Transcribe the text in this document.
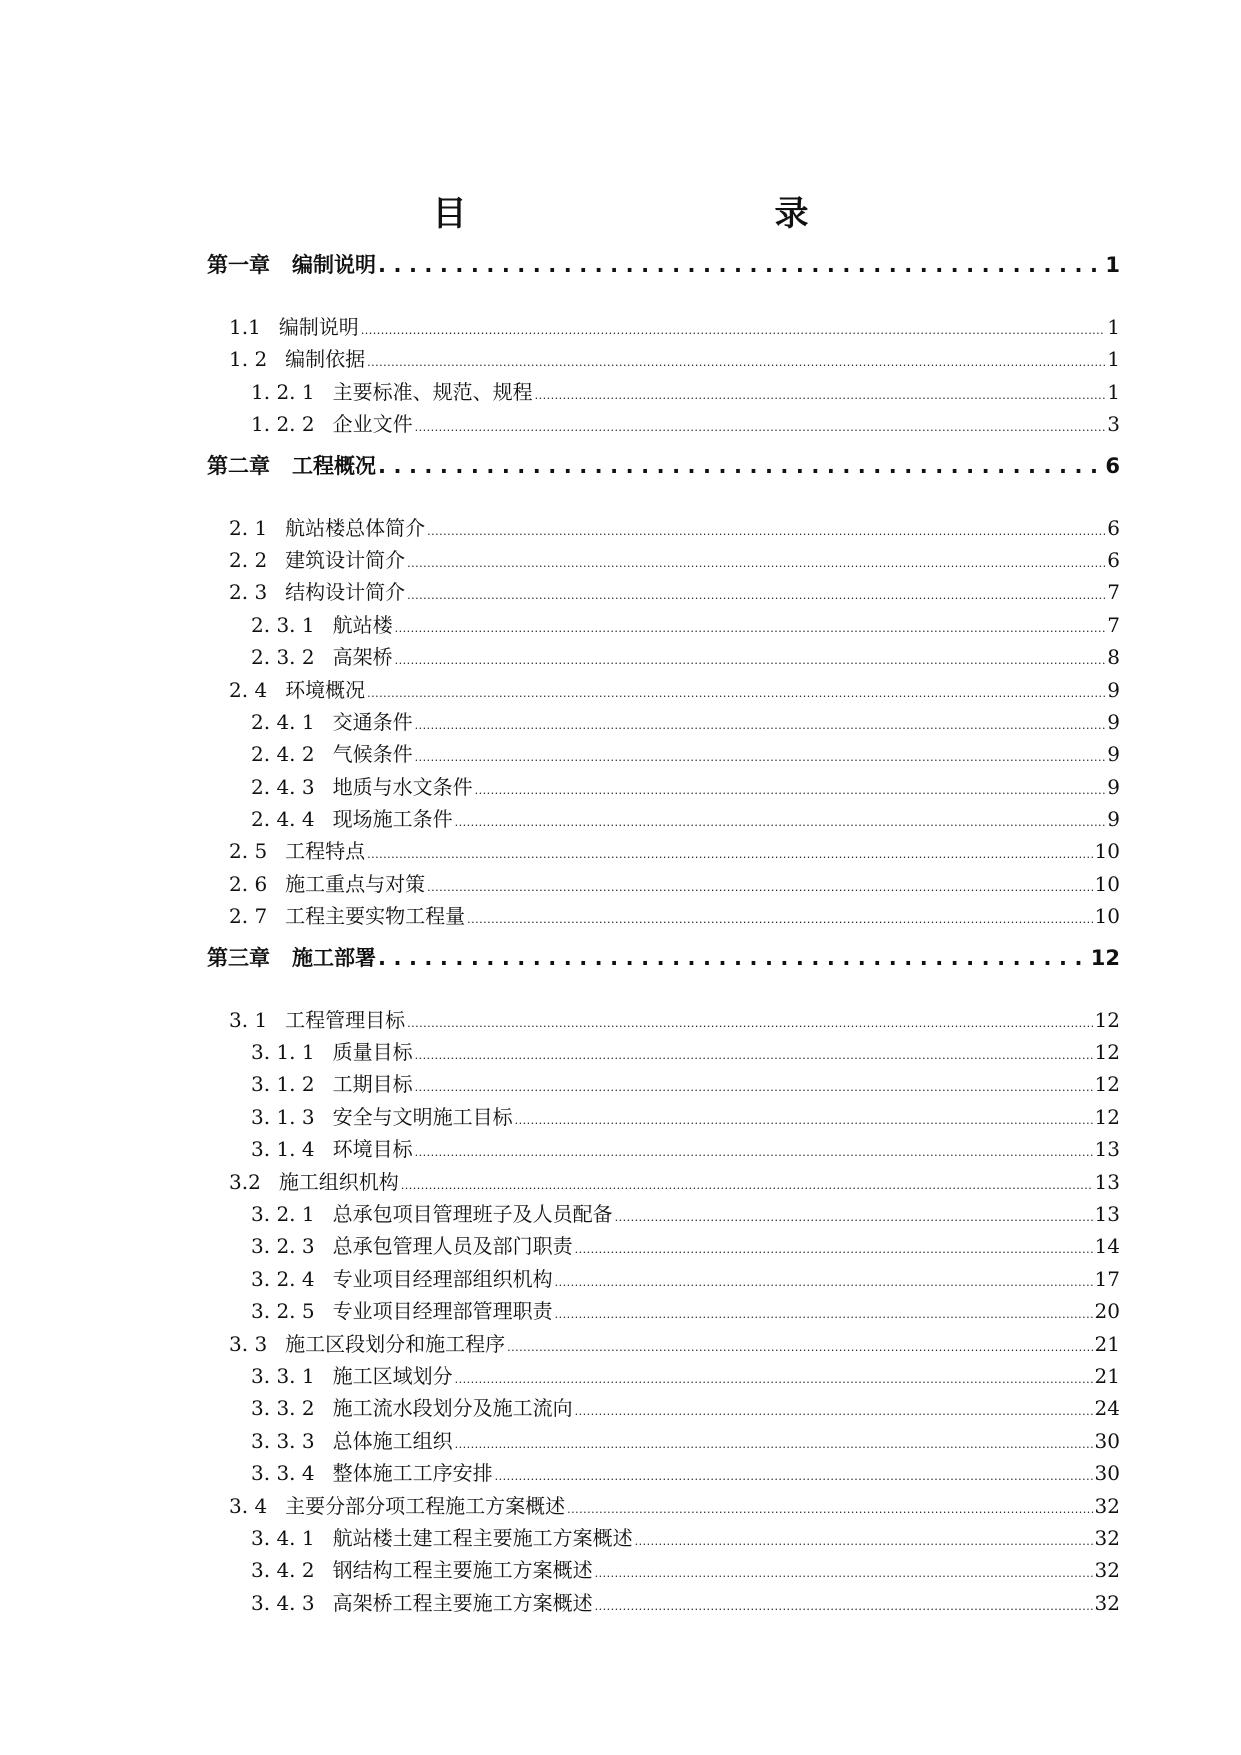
目　　录
第一章 编制说明 .....	1
1.1 编制说明 .....	1
1. 2 编制依据 .....	1
1. 2. 1 主要标准、规范、规程 .....	1
1. 2. 2 企业文件 .....	3
第二章 工程概况 .....	6
2. 1 航站楼总体简介 .....	6
2. 2 建筑设计简介 .....	6
2. 3 结构设计简介 .....	7
2. 3. 1 航站楼 .....	7
2. 3. 2 高架桥 .....	8
2. 4 环境概况 .....	9
2. 4. 1 交通条件 .....	9
2. 4. 2 气候条件 .....	9
2. 4. 3 地质与水文条件 .....	9
2. 4. 4 现场施工条件 .....	9
2. 5 工程特点 .....	10
2. 6 施工重点与对策 .....	10
2. 7 工程主要实物工程量 .....	10
第三章 施工部署 .....	12
3. 1 工程管理目标 .....	12
3. 1. 1 质量目标 .....	12
3. 1. 2 工期目标 .....	12
3. 1. 3 安全与文明施工目标 .....	12
3. 1. 4 环境目标 .....	13
3.2 施工组织机构 .....	13
3. 2. 1 总承包项目管理班子及人员配备 .....	13
3. 2. 3 总承包管理人员及部门职责 .....	14
3. 2. 4 专业项目经理部组织机构 .....	17
3. 2. 5 专业项目经理部管理职责 .....	20
3. 3 施工区段划分和施工程序 .....	21
3. 3. 1 施工区域划分 .....	21
3. 3. 2 施工流水段划分及施工流向 .....	24
3. 3. 3 总体施工组织 .....	30
3. 3. 4 整体施工工序安排 .....	30
3. 4 主要分部分项工程施工方案概述 .....	32
3. 4. 1 航站楼土建工程主要施工方案概述 .....	32
3. 4. 2 钢结构工程主要施工方案概述 .....	32
3. 4. 3 高架桥工程主要施工方案概述 .....	32
